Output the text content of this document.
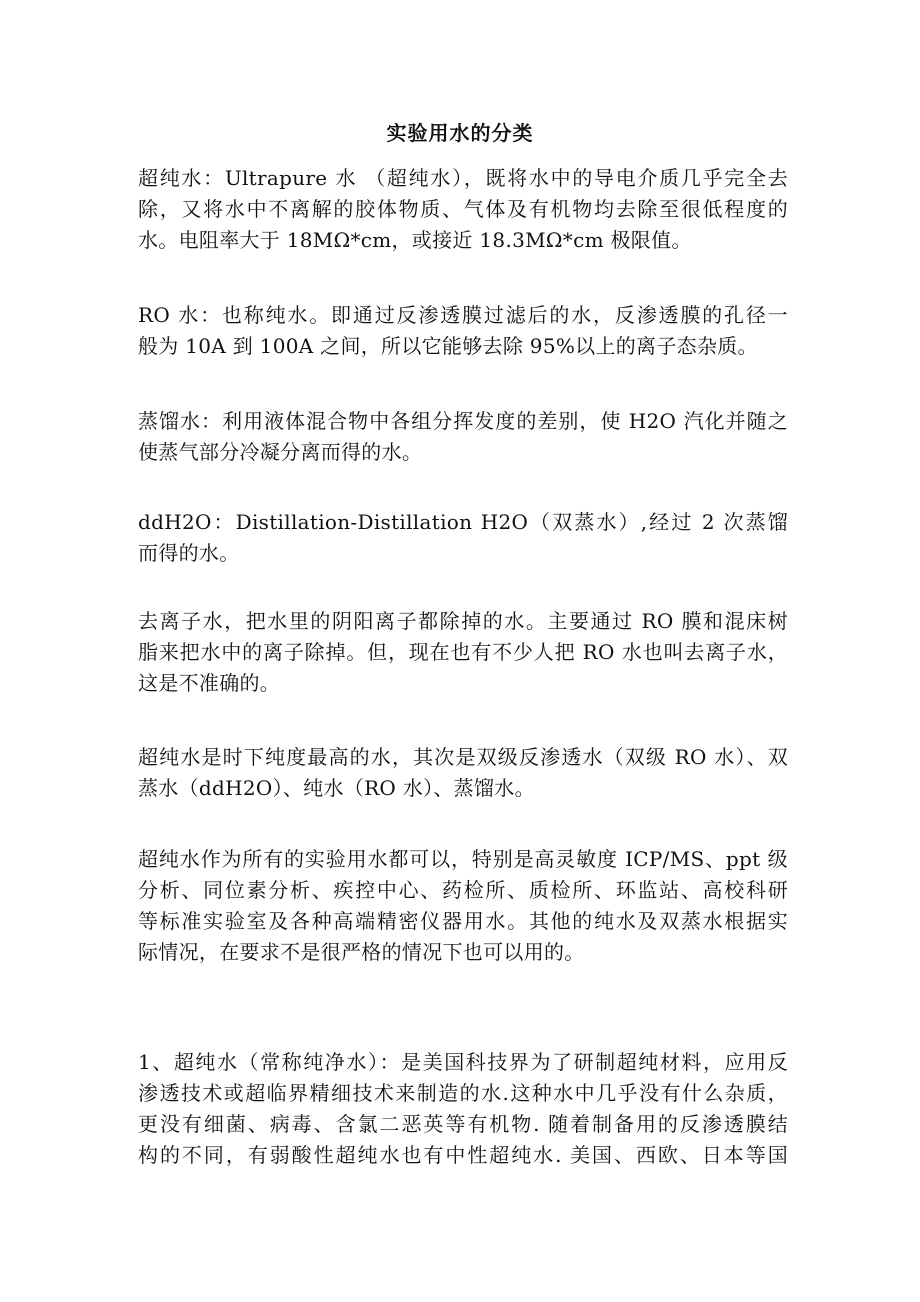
实验用水的分类
超纯水：Ultrapure 水 （超纯水），既将水中的导电介质几乎完全去
除，又将水中不离解的胶体物质、气体及有机物均去除至很低程度的
水。电阻率大于 18MΩ*cm，或接近 18.3MΩ*cm 极限值。
RO 水：也称纯水。即通过反渗透膜过滤后的水，反渗透膜的孔径一
般为 10A 到 100A 之间，所以它能够去除 95%以上的离子态杂质。
蒸馏水：利用液体混合物中各组分挥发度的差别，使 H2O 汽化并随之
使蒸气部分冷凝分离而得的水。
ddH2O：Distillation-Distillation H2O（双蒸水）,经过 2 次蒸馏
而得的水。
去离子水，把水里的阴阳离子都除掉的水。主要通过 RO 膜和混床树
脂来把水中的离子除掉。但，现在也有不少人把 RO 水也叫去离子水，
这是不准确的。
超纯水是时下纯度最高的水，其次是双级反渗透水（双级 RO 水）、双
蒸水（ddH2O）、纯水（RO 水）、蒸馏水。
超纯水作为所有的实验用水都可以，特别是高灵敏度 ICP/MS、ppt 级
分析、同位素分析、疾控中心、药检所、质检所、环监站、高校科研
等标准实验室及各种高端精密仪器用水。其他的纯水及双蒸水根据实
际情况，在要求不是很严格的情况下也可以用的。
1、超纯水（常称纯净水）：是美国科技界为了研制超纯材料，应用反
渗透技术或超临界精细技术来制造的水.这种水中几乎没有什么杂质，
更没有细菌、病毒、含氯二恶英等有机物. 随着制备用的反渗透膜结
构的不同，有弱酸性超纯水也有中性超纯水. 美国、西欧、日本等国
